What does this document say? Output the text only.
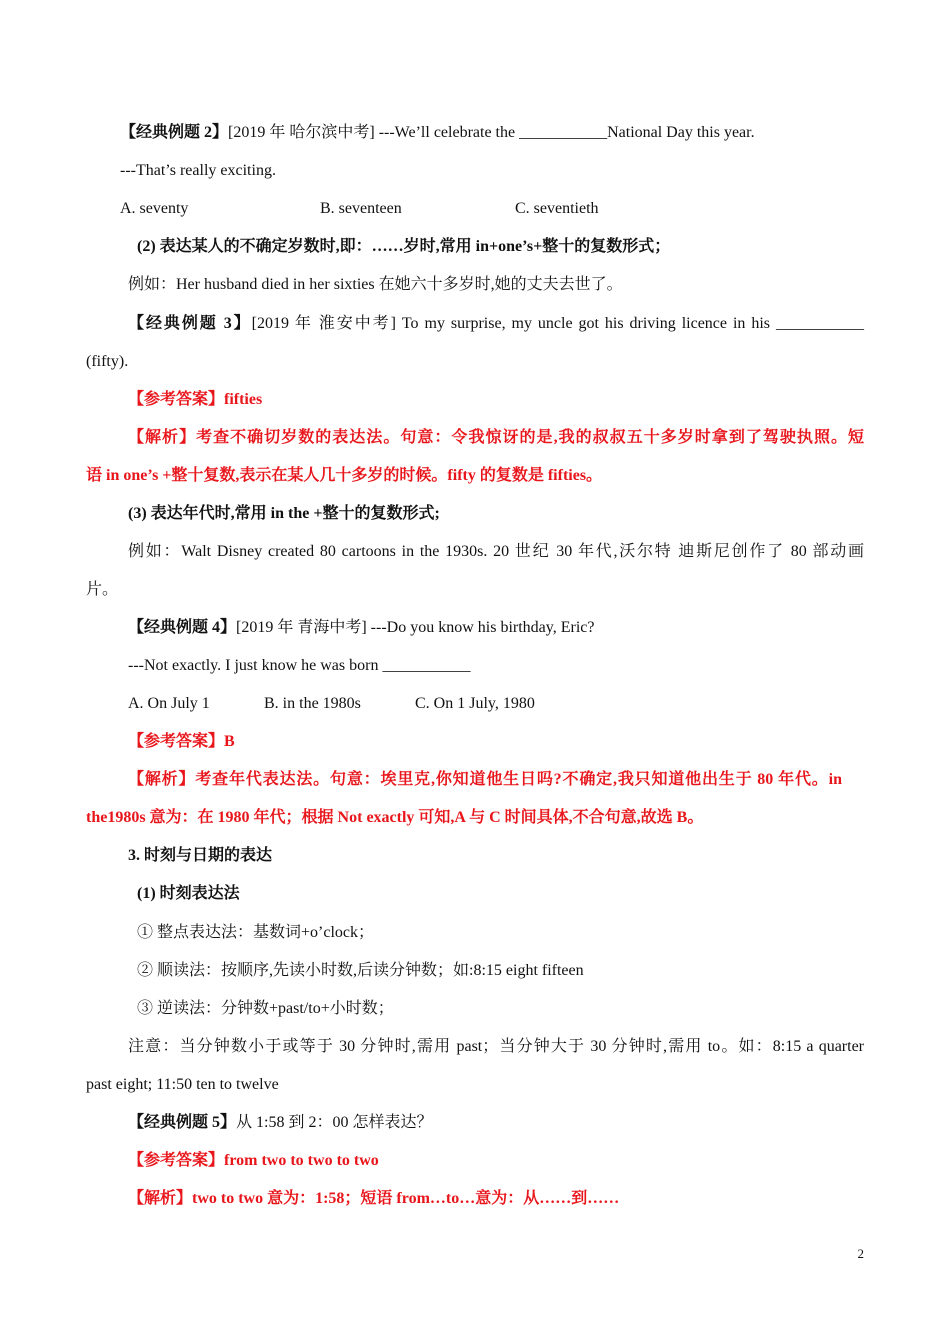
【经典例题 2】[2019 年 哈尔滨中考] ---We’ll celebrate the ___________National Day this year.
---That’s really exciting.
A. seventy	B. seventeen	C. seventieth
(2) 表达某人的不确定岁数时,即：……岁时,常用 in+one’s+整十的复数形式；
例如：Her husband died in her sixties 在她六十多岁时,她的丈夫去世了。
【经典例题 3】[2019 年 淮安中考] To my surprise, my uncle got his driving licence in his ___________
(fifty).
【参考答案】fifties
【解析】考查不确切岁数的表达法。句意：令我惊讶的是,我的叔叔五十多岁时拿到了驾驶执照。短
语 in one’s +整十复数,表示在某人几十多岁的时候。fifty 的复数是 fifties。
(3) 表达年代时,常用 in the +整十的复数形式;
例如：Walt Disney created 80 cartoons in the 1930s. 20 世纪 30 年代,沃尔特 迪斯尼创作了 80 部动画
片。
【经典例题 4】[2019 年 青海中考] ---Do you know his birthday, Eric?
---Not exactly. I just know he was born ___________
A. On July 1	B. in the 1980s	C. On 1 July, 1980
【参考答案】B
【解析】考查年代表达法。句意：埃里克,你知道他生日吗?不确定,我只知道他出生于 80 年代。in
the1980s 意为：在 1980 年代；根据 Not exactly 可知,A 与 C 时间具体,不合句意,故选 B。
3. 时刻与日期的表达
(1) 时刻表达法
① 整点表达法：基数词+o’clock；
② 顺读法：按顺序,先读小时数,后读分钟数；如:8:15 eight fifteen
③ 逆读法：分钟数+past/to+小时数；
注意：当分钟数小于或等于 30 分钟时,需用 past；当分钟大于 30 分钟时,需用 to。如：8:15 a quarter
past eight; 11:50 ten to twelve
【经典例题 5】从 1:58 到 2：00 怎样表达？
【参考答案】from two to two to two
【解析】two to two 意为：1:58；短语 from…to…意为：从……到……
2
